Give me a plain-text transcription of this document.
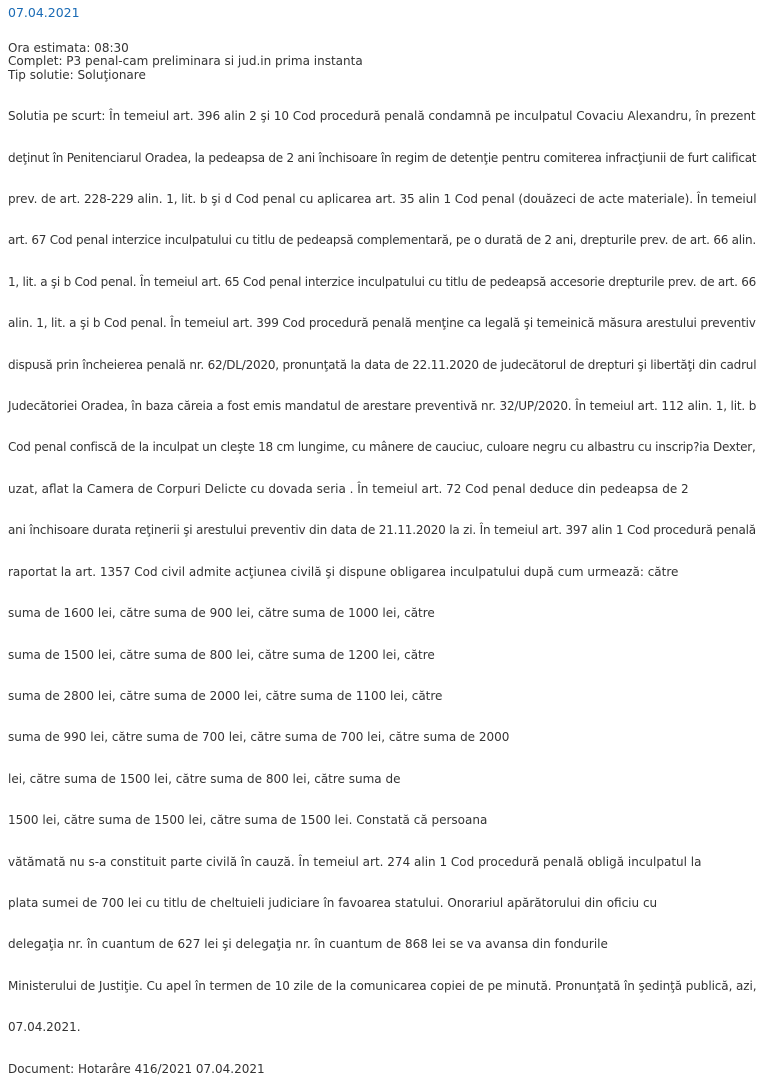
07.04.2021
Ora estimata: 08:30
Complet: P3 penal-cam preliminara si jud.in prima instanta
Tip solutie: Soluţionare

Solutia pe scurt: În temeiul art. 396 alin 2 şi 10 Cod procedură penală condamnă pe inculpatul Covaciu Alexandru, în prezent

deţinut în Penitenciarul Oradea, la pedeapsa de 2 ani închisoare în regim de detenţie pentru comiterea infracţiunii de furt calificat

prev. de art. 228-229 alin. 1, lit. b şi d Cod penal cu aplicarea art. 35 alin 1 Cod penal (douăzeci de acte materiale). În temeiul

art. 67 Cod penal interzice inculpatului cu titlu de pedeapsă complementară, pe o durată de 2 ani, drepturile prev. de art. 66 alin.

1, lit. a şi b Cod penal. În temeiul art. 65 Cod penal interzice inculpatului cu titlu de pedeapsă accesorie drepturile prev. de art. 66

alin. 1, lit. a şi b Cod penal. În temeiul art. 399 Cod procedură penală menţine ca legală şi temeinică măsura arestului preventiv

dispusă prin încheierea penală nr. 62/DL/2020, pronunţată la data de 22.11.2020 de judecătorul de drepturi şi libertăţi din cadrul

Judecătoriei Oradea, în baza căreia a fost emis mandatul de arestare preventivă nr. 32/UP/2020. În temeiul art. 112 alin. 1, lit. b

Cod penal confiscă de la inculpat un cleşte 18 cm lungime, cu mânere de cauciuc, culoare negru cu albastru cu inscrip?ia Dexter,

uzat, aflat la Camera de Corpuri Delicte cu dovada seria . În temeiul art. 72 Cod penal deduce din pedeapsa de 2

ani închisoare durata reţinerii şi arestului preventiv din data de 21.11.2020 la zi. În temeiul art. 397 alin 1 Cod procedură penală

raportat la art. 1357 Cod civil admite acţiunea civilă şi dispune obligarea inculpatului după cum urmează: către

suma de 1600 lei, către suma de 900 lei, către suma de 1000 lei, către

suma de 1500 lei, către suma de 800 lei, către suma de 1200 lei, către

suma de 2800 lei, către suma de 2000 lei, către suma de 1100 lei, către

suma de 990 lei, către suma de 700 lei, către suma de 700 lei, către suma de 2000

lei, către suma de 1500 lei, către suma de 800 lei, către suma de

1500 lei, către suma de 1500 lei, către suma de 1500 lei. Constată că persoana

vătămată nu s-a constituit parte civilă în cauză. În temeiul art. 274 alin 1 Cod procedură penală obligă inculpatul la

plata sumei de 700 lei cu titlu de cheltuieli judiciare în favoarea statului. Onorariul apărătorului din oficiu cu

delegaţia nr. în cuantum de 627 lei şi delegaţia nr. în cuantum de 868 lei se va avansa din fondurile

Ministerului de Justiţie. Cu apel în termen de 10 zile de la comunicarea copiei de pe minută. Pronunţată în şedinţă publică, azi,

07.04.2021.

Document: Hotarâre 416/2021 07.04.2021
